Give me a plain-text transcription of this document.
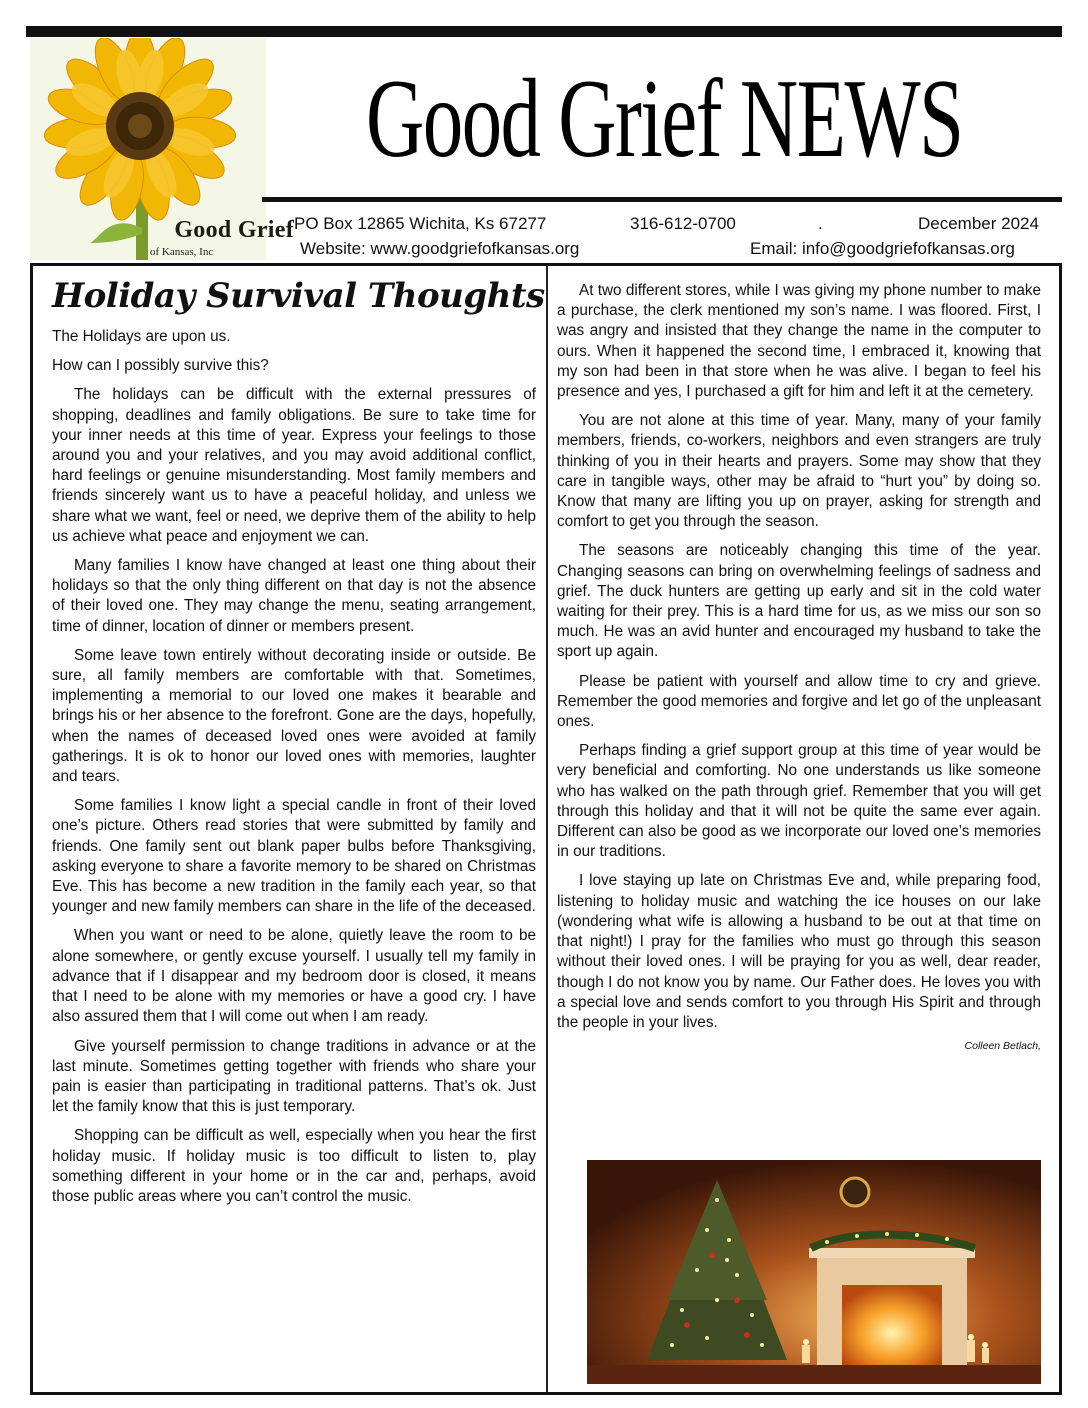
Good Grief
of Kansas, Inc
Good Grief NEWS
PO Box 12865 Wichita, Ks 67277	316-612-0700	.	December 2024
Website: www.goodgriefofkansas.org	Email: info@goodgriefofkansas.org
Holiday Survival Thoughts

The Holidays are upon us.

How can I possibly survive this?

The holidays can be difficult with the external pressures of shopping, deadlines and family obligations. Be sure to take time for your inner needs at this time of year. Express your feelings to those around you and your relatives, and you may avoid additional conflict, hard feelings or genuine misunderstanding. Most family members and friends sincerely want us to have a peaceful holiday, and unless we share what we want, feel or need, we deprive them of the ability to help us achieve what peace and enjoyment we can.

Many families I know have changed at least one thing about their holidays so that the only thing different on that day is not the absence of their loved one. They may change the menu, seating arrangement, time of dinner, location of dinner or members present.

Some leave town entirely without decorating inside or outside. Be sure, all family members are comfortable with that. Sometimes, implementing a memorial to our loved one makes it bearable and brings his or her absence to the forefront. Gone are the days, hopefully, when the names of deceased loved ones were avoided at family gatherings. It is ok to honor our loved ones with memories, laughter and tears.

Some families I know light a special candle in front of their loved one’s picture. Others read stories that were submitted by family and friends. One family sent out blank paper bulbs before Thanksgiving, asking everyone to share a favorite memory to be shared on Christmas Eve. This has become a new tradition in the family each year, so that younger and new family members can share in the life of the deceased.

When you want or need to be alone, quietly leave the room to be alone somewhere, or gently excuse yourself. I usually tell my family in advance that if I disappear and my bedroom door is closed, it means that I need to be alone with my memories or have a good cry. I have also assured them that I will come out when I am ready.

Give yourself permission to change traditions in advance or at the last minute. Sometimes getting together with friends who share your pain is easier than participating in traditional patterns. That’s ok. Just let the family know that this is just temporary.

Shopping can be difficult as well, especially when you hear the first holiday music. If holiday music is too difficult to listen to, play something different in your home or in the car and, perhaps, avoid those public areas where you can’t control the music.

At two different stores, while I was giving my phone number to make a purchase, the clerk mentioned my son’s name. I was floored. First, I was angry and insisted that they change the name in the computer to ours. When it happened the second time, I embraced it, knowing that my son had been in that store when he was alive. I began to feel his presence and yes, I purchased a gift for him and left it at the cemetery.

You are not alone at this time of year. Many, many of your family members, friends, co-workers, neighbors and even strangers are truly thinking of you in their hearts and prayers. Some may show that they care in tangible ways, other may be afraid to “hurt you” by doing so. Know that many are lifting you up on prayer, asking for strength and comfort to get you through the season.

The seasons are noticeably changing this time of the year. Changing seasons can bring on overwhelming feelings of sadness and grief. The duck hunters are getting up early and sit in the cold water waiting for their prey. This is a hard time for us, as we miss our son so much. He was an avid hunter and encouraged my husband to take the sport up again.

Please be patient with yourself and allow time to cry and grieve. Remember the good memories and forgive and let go of the unpleasant ones.

Perhaps finding a grief support group at this time of year would be very beneficial and comforting. No one understands us like someone who has walked on the path through grief. Remember that you will get through this holiday and that it will not be quite the same ever again. Different can also be good as we incorporate our loved one’s memories in our traditions.

I love staying up late on Christmas Eve and, while preparing food, listening to holiday music and watching the ice houses on our lake (wondering what wife is allowing a husband to be out at that time on that night!) I pray for the families who must go through this season without their loved ones. I will be praying for you as well, dear reader, though I do not know you by name. Our Father does. He loves you with a special love and sends comfort to you through His Spirit and through the people in your lives.

Colleen Betlach,
